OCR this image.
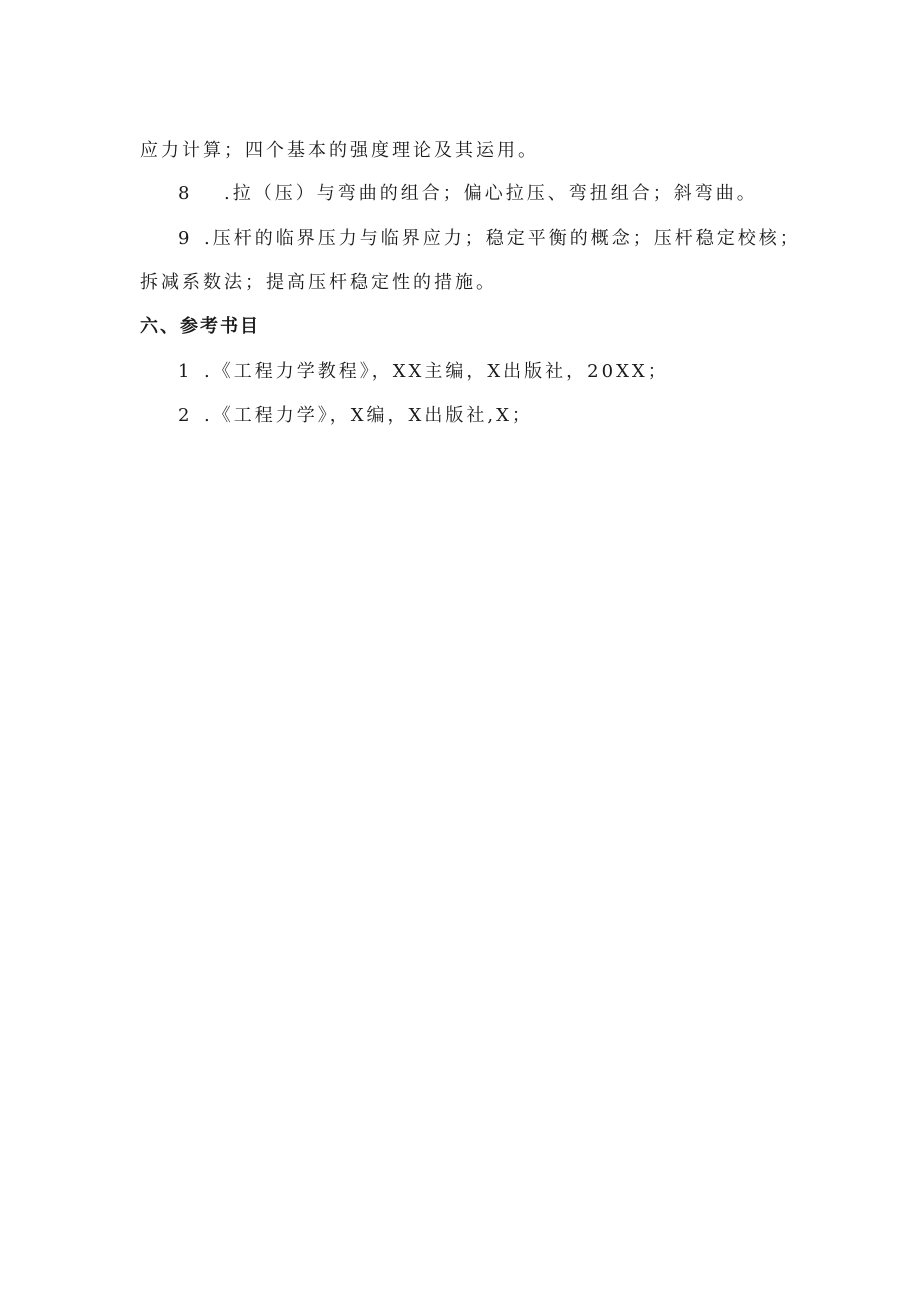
应力计算；四个基本的强度理论及其运用。
8 .拉（压）与弯曲的组合；偏心拉压、弯扭组合；斜弯曲。
9 .压杆的临界压力与临界应力；稳定平衡的概念；压杆稳定校核；
拆减系数法；提高压杆稳定性的措施。
六、参考书目
1 .《工程力学教程》，XX主编，X出版社，20XX；
2 .《工程力学》，X编，X出版社,X；
